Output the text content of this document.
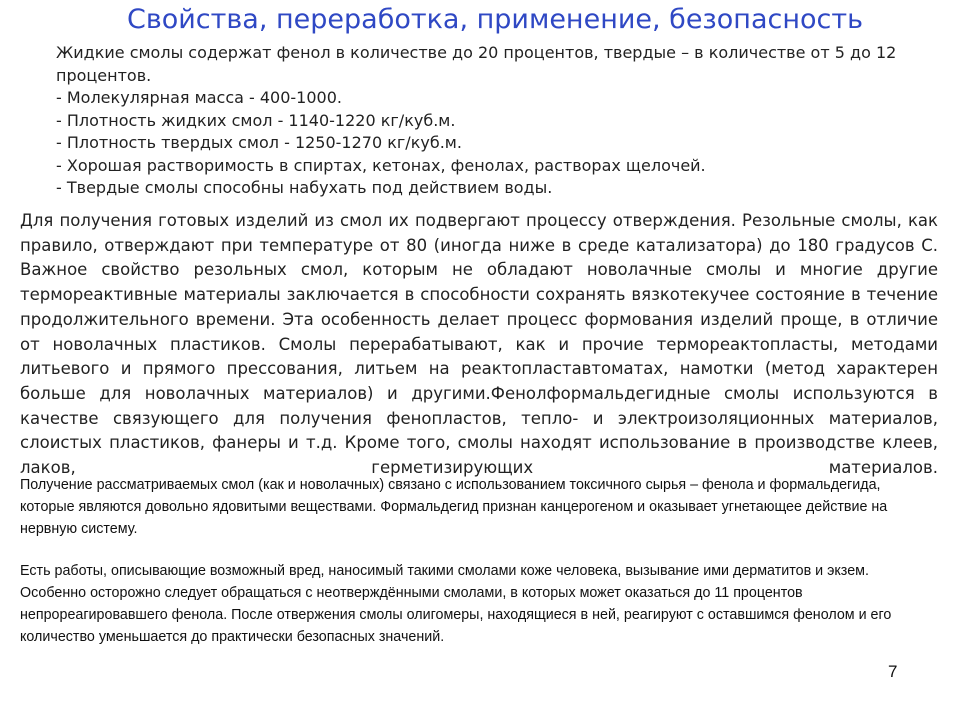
Свойства, переработка, применение, безопасность

Жидкие смолы содержат фенол в количестве до 20 процентов, твердые – в количестве от 5 до 12 процентов.

- Молекулярная масса - 400-1000.

- Плотность жидких смол - 1140-1220 кг/куб.м.

- Плотность твердых смол - 1250-1270 кг/куб.м.

- Хорошая растворимость в спиртах, кетонах, фенолах, растворах щелочей.

- Твердые смолы способны набухать под действием воды.

Для получения готовых изделий из смол их подвергают процессу отверждения. Резольные смолы, как правило, отверждают при температуре от 80 (иногда ниже в среде катализатора) до 180 градусов С. Важное свойство резольных смол, которым не обладают новолачные смолы и многие другие термореактивные материалы заключается в способности сохранять вязкотекучее состояние в течение продолжительного времени. Эта особенность делает процесс формования изделий проще, в отличие от новолачных пластиков. Смолы перерабатывают, как и прочие термореактопласты, методами литьевого и прямого прессования, литьем на реактопластавтоматах, намотки (метод характерен больше для новолачных материалов) и другими.Фенолформальдегидные смолы используются в качестве связующего для получения фенопластов, тепло- и электроизоляционных материалов, слоистых пластиков, фанеры и т.д. Кроме того, смолы находят использование в производстве клеев, лаков, герметизирующих материалов.

Получение рассматриваемых смол (как и новолачных) связано с использованием токсичного сырья – фенола и формальдегида, которые являются довольно ядовитыми веществами. Формальдегид признан канцерогеном и оказывает угнетающее действие на нервную систему.

Есть работы, описывающие возможный вред, наносимый такими смолами коже человека, вызывание ими дерматитов и экзем. Особенно осторожно следует обращаться с неотверждёнными смолами, в которых может оказаться до 11 процентов непрореагировавшего фенола. После отвержения смолы олигомеры, находящиеся в ней, реагируют с оставшимся фенолом и его количество уменьшается до практически безопасных значений.

7
